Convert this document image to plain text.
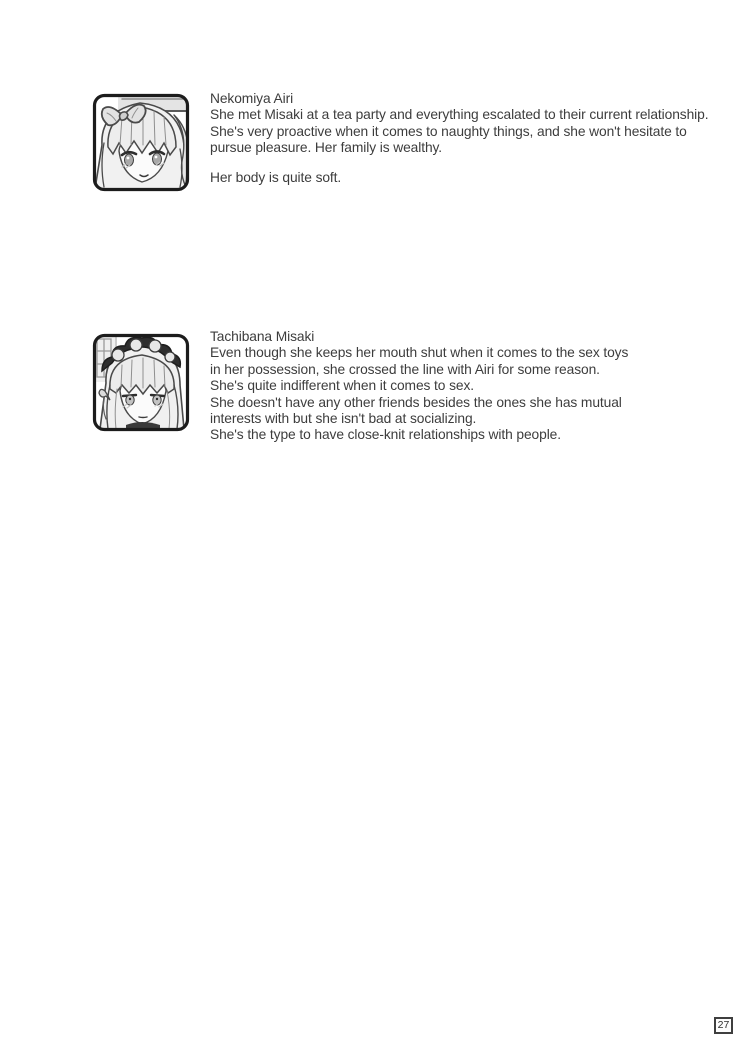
Nekomiya Airi
She met Misaki at a tea party and everything escalated to their current relationship.
She's very proactive when it comes to naughty things, and she won't hesitate to
pursue pleasure. Her family is wealthy.
Her body is quite soft.
Tachibana Misaki
Even though she keeps her mouth shut when it comes to the sex toys
in her possession, she crossed the line with Airi for some reason.
She's quite indifferent when it comes to sex.
She doesn't have any other friends besides the ones she has mutual
interests with but she isn't bad at socializing.
She's the type to have close-knit relationships with people.
27
